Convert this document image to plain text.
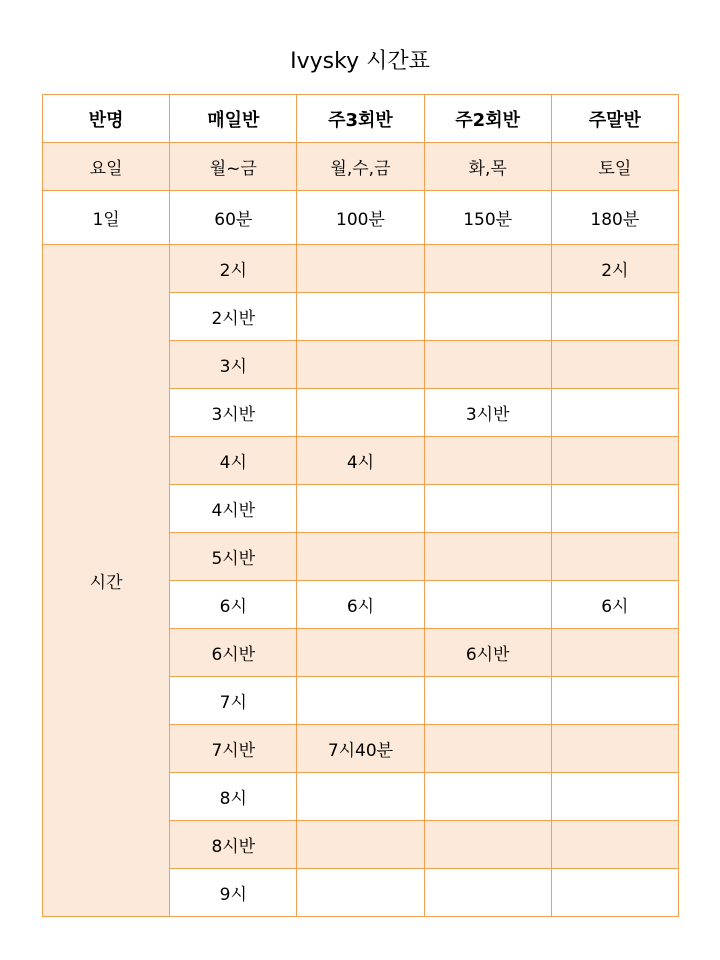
Ivysky 시간표
반명	매일반	주3회반	주2회반	주말반
요일	월~금	월,수,금	화,목	토일
1일	60분	100분	150분	180분
시간	2시			2시
	2시반			
	3시			
	3시반		3시반	
	4시	4시		
	4시반			
	5시반			
	6시	6시		6시
	6시반		6시반	
	7시			
	7시반	7시40분		
	8시			
	8시반			
	9시			
